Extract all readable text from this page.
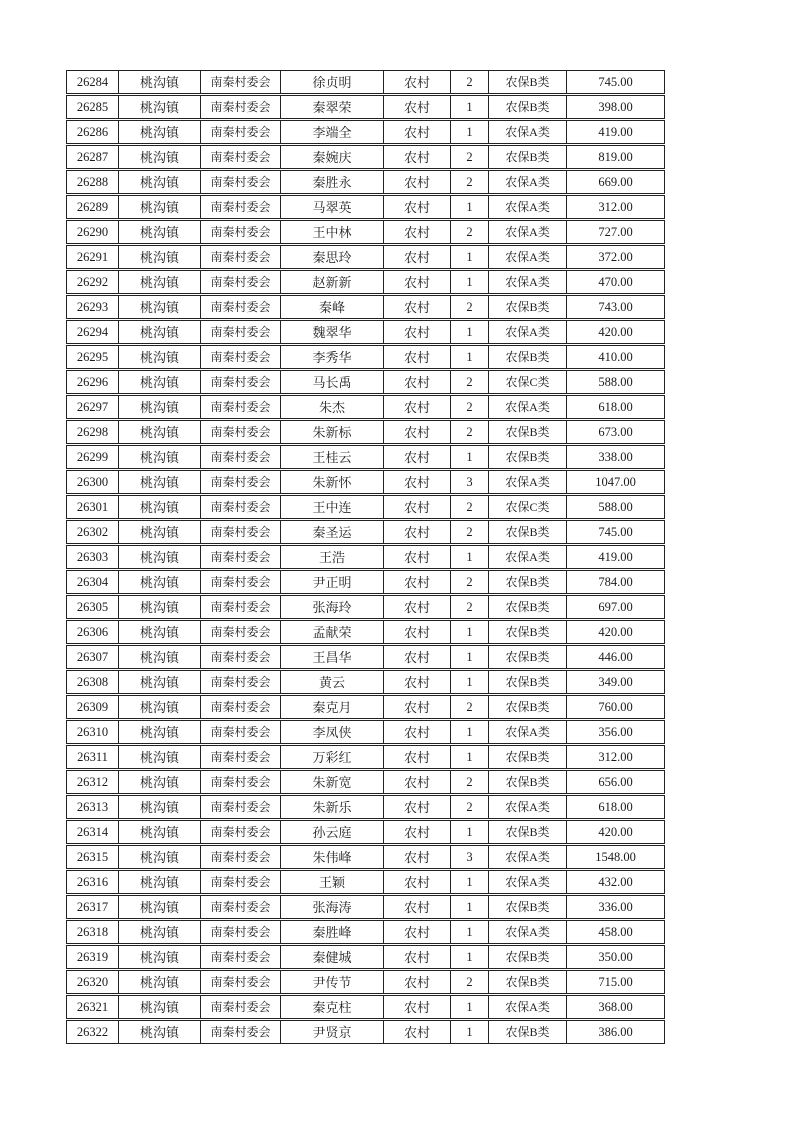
26284	桃沟镇	南秦村委会	徐贞明	农村	2	农保B类	745.00
26285	桃沟镇	南秦村委会	秦翠荣	农村	1	农保B类	398.00
26286	桃沟镇	南秦村委会	李端全	农村	1	农保A类	419.00
26287	桃沟镇	南秦村委会	秦婉庆	农村	2	农保B类	819.00
26288	桃沟镇	南秦村委会	秦胜永	农村	2	农保A类	669.00
26289	桃沟镇	南秦村委会	马翠英	农村	1	农保A类	312.00
26290	桃沟镇	南秦村委会	王中林	农村	2	农保A类	727.00
26291	桃沟镇	南秦村委会	秦思玲	农村	1	农保A类	372.00
26292	桃沟镇	南秦村委会	赵新新	农村	1	农保A类	470.00
26293	桃沟镇	南秦村委会	秦峰	农村	2	农保B类	743.00
26294	桃沟镇	南秦村委会	魏翠华	农村	1	农保A类	420.00
26295	桃沟镇	南秦村委会	李秀华	农村	1	农保B类	410.00
26296	桃沟镇	南秦村委会	马长禹	农村	2	农保C类	588.00
26297	桃沟镇	南秦村委会	朱杰	农村	2	农保A类	618.00
26298	桃沟镇	南秦村委会	朱新标	农村	2	农保B类	673.00
26299	桃沟镇	南秦村委会	王桂云	农村	1	农保B类	338.00
26300	桃沟镇	南秦村委会	朱新怀	农村	3	农保A类	1047.00
26301	桃沟镇	南秦村委会	王中连	农村	2	农保C类	588.00
26302	桃沟镇	南秦村委会	秦圣运	农村	2	农保B类	745.00
26303	桃沟镇	南秦村委会	王浩	农村	1	农保A类	419.00
26304	桃沟镇	南秦村委会	尹正明	农村	2	农保B类	784.00
26305	桃沟镇	南秦村委会	张海玲	农村	2	农保B类	697.00
26306	桃沟镇	南秦村委会	孟献荣	农村	1	农保B类	420.00
26307	桃沟镇	南秦村委会	王昌华	农村	1	农保B类	446.00
26308	桃沟镇	南秦村委会	黄云	农村	1	农保B类	349.00
26309	桃沟镇	南秦村委会	秦克月	农村	2	农保B类	760.00
26310	桃沟镇	南秦村委会	李凤侠	农村	1	农保A类	356.00
26311	桃沟镇	南秦村委会	万彩红	农村	1	农保B类	312.00
26312	桃沟镇	南秦村委会	朱新宽	农村	2	农保B类	656.00
26313	桃沟镇	南秦村委会	朱新乐	农村	2	农保A类	618.00
26314	桃沟镇	南秦村委会	孙云庭	农村	1	农保B类	420.00
26315	桃沟镇	南秦村委会	朱伟峰	农村	3	农保A类	1548.00
26316	桃沟镇	南秦村委会	王颖	农村	1	农保A类	432.00
26317	桃沟镇	南秦村委会	张海涛	农村	1	农保B类	336.00
26318	桃沟镇	南秦村委会	秦胜峰	农村	1	农保A类	458.00
26319	桃沟镇	南秦村委会	秦健城	农村	1	农保B类	350.00
26320	桃沟镇	南秦村委会	尹传节	农村	2	农保B类	715.00
26321	桃沟镇	南秦村委会	秦克柱	农村	1	农保A类	368.00
26322	桃沟镇	南秦村委会	尹贤京	农村	1	农保B类	386.00
